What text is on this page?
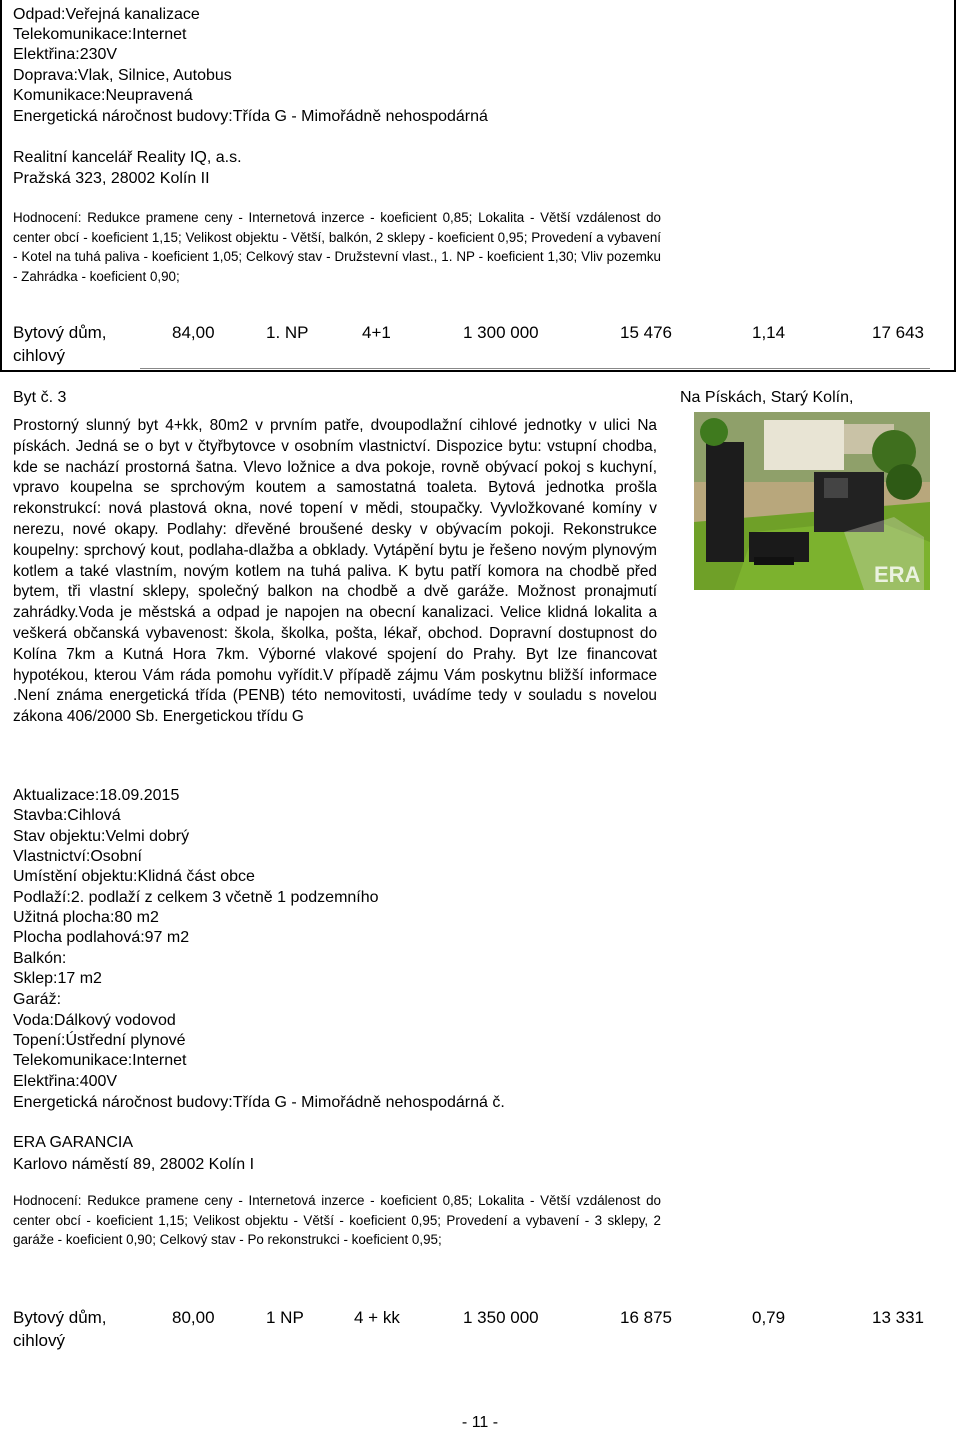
Odpad:Veřejná kanalizace
Telekomunikace:Internet
Elektřina:230V
Doprava:Vlak, Silnice, Autobus
Komunikace:Neupravená
Energetická náročnost budovy:Třída G - Mimořádně nehospodárná
Realitní kancelář Reality IQ, a.s.
Pražská 323, 28002 Kolín II
Hodnocení: Redukce pramene ceny - Internetová inzerce - koeficient 0,85; Lokalita - Větší vzdálenost do center obcí - koeficient 1,15; Velikost objektu - Větší, balkón, 2 sklepy - koeficient 0,95; Provedení a vybavení - Kotel na tuhá paliva - koeficient 1,05; Celkový stav - Družstevní vlast., 1. NP - koeficient 1,30; Vliv pozemku - Zahrádka - koeficient 0,90;
Bytový dům,
cihlový
84,00	1. NP	4+1	1 300 000	15 476	1,14	17 643
Byt č. 3	Na Pískách, Starý Kolín,
Prostorný slunný byt 4+kk, 80m2 v prvním patře, dvoupodlažní cihlové jednotky v ulici Na pískách. Jedná se o byt v čtyřbytovce v osobním vlastnictví. Dispozice bytu: vstupní chodba, kde se nachází prostorná šatna. Vlevo ložnice a dva pokoje, rovně obývací pokoj s kuchyní, vpravo koupelna se sprchovým koutem a samostatná toaleta. Bytová jednotka prošla rekonstrukcí: nová plastová okna, nové topení v mědi, stoupačky. Vyvložkované komíny v nerezu, nové okapy. Podlahy: dřevěné broušené desky v obývacím pokoji. Rekonstrukce koupelny: sprchový kout, podlaha-dlažba a obklady. Vytápění bytu je řešeno novým plynovým kotlem a také vlastním, novým kotlem na tuhá paliva. K bytu patří komora na chodbě před bytem, tři vlastní sklepy, společný balkon na chodbě a dvě garáže. Možnost pronajmutí zahrádky.Voda je městská a odpad je napojen na obecní kanalizaci. Velice klidná lokalita a veškerá občanská vybavenost: škola, školka, pošta, lékař, obchod. Dopravní dostupnost do Kolína 7km a Kutná Hora 7km. Výborné vlakové spojení do Prahy. Byt lze financovat hypotékou, kterou Vám ráda pomohu vyřídit.V případě zájmu Vám poskytnu bližší informace .Není známa energetická třída (PENB) této nemovitosti, uvádíme tedy v souladu s novelou zákona 406/2000 Sb. Energetickou třídu G
ERA
Aktualizace:18.09.2015
Stavba:Cihlová
Stav objektu:Velmi dobrý
Vlastnictví:Osobní
Umístění objektu:Klidná část obce
Podlaží:2. podlaží z celkem 3 včetně 1 podzemního
Užitná plocha:80 m2
Plocha podlahová:97 m2
Balkón:
Sklep:17 m2
Garáž:
Voda:Dálkový vodovod
Topení:Ústřední plynové
Telekomunikace:Internet
Elektřina:400V
Energetická náročnost budovy:Třída G - Mimořádně nehospodárná č.
ERA GARANCIA
Karlovo náměstí 89, 28002 Kolín I
Hodnocení: Redukce pramene ceny - Internetová inzerce - koeficient 0,85; Lokalita - Větší vzdálenost do center obcí - koeficient 1,15; Velikost objektu - Větší - koeficient 0,95; Provedení a vybavení - 3 sklepy, 2 garáže - koeficient 0,90; Celkový stav - Po rekonstrukci - koeficient 0,95;
Bytový dům,
cihlový
80,00	1 NP	4 + kk	1 350 000	16 875	0,79	13 331
- 11 -
